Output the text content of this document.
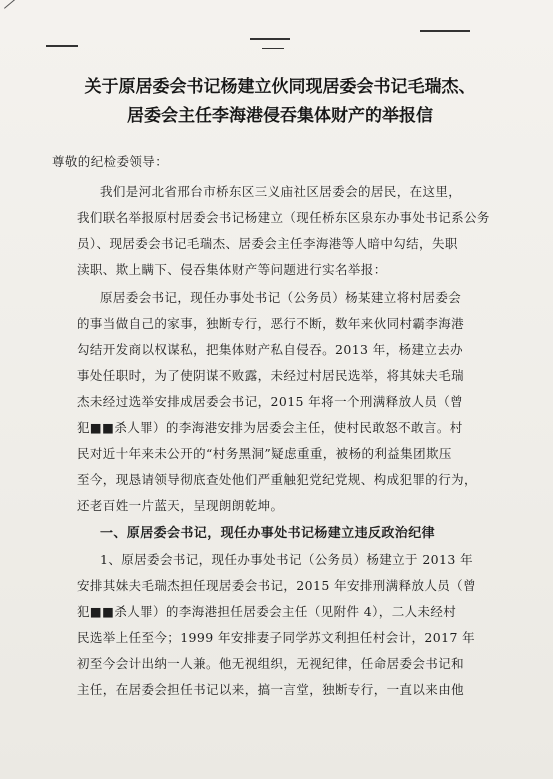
关于原居委会书记杨建立伙同现居委会书记毛瑞杰、
居委会主任李海港侵吞集体财产的举报信
尊敬的纪检委领导：
我们是河北省邢台市桥东区三义庙社区居委会的居民，在这里，
我们联名举报原村居委会书记杨建立（现任桥东区泉东办事处书记系公务
员）、现居委会书记毛瑞杰、居委会主任李海港等人暗中勾结，失职
渎职、欺上瞒下、侵吞集体财产等问题进行实名举报：
原居委会书记，现任办事处书记（公务员）杨某建立将村居委会
的事当做自己的家事，独断专行，恶行不断，数年来伙同村霸李海港
勾结开发商以权谋私，把集体财产私自侵吞。2013 年，杨建立去办
事处任职时，为了使阴谋不败露，未经过村居民选举，将其妹夫毛瑞
杰未经过选举安排成居委会书记，2015 年将一个刑满释放人员（曾
犯■■杀人罪）的李海港安排为居委会主任，使村民敢怒不敢言。村
民对近十年来未公开的“村务黑洞”疑虑重重，被杨的利益集团欺压
至今，现恳请领导彻底查处他们严重触犯党纪党规、构成犯罪的行为，
还老百姓一片蓝天，呈现朗朗乾坤。
一、原居委会书记，现任办事处书记杨建立违反政治纪律
1、原居委会书记，现任办事处书记（公务员）杨建立于 2013 年
安排其妹夫毛瑞杰担任现居委会书记，2015 年安排刑满释放人员（曾
犯■■杀人罪）的李海港担任居委会主任（见附件 4），二人未经村
民选举上任至今；1999 年安排妻子同学苏文利担任村会计，2017 年
初至今会计出纳一人兼。他无视组织，无视纪律，任命居委会书记和
主任，在居委会担任书记以来，搞一言堂，独断专行，一直以来由他
